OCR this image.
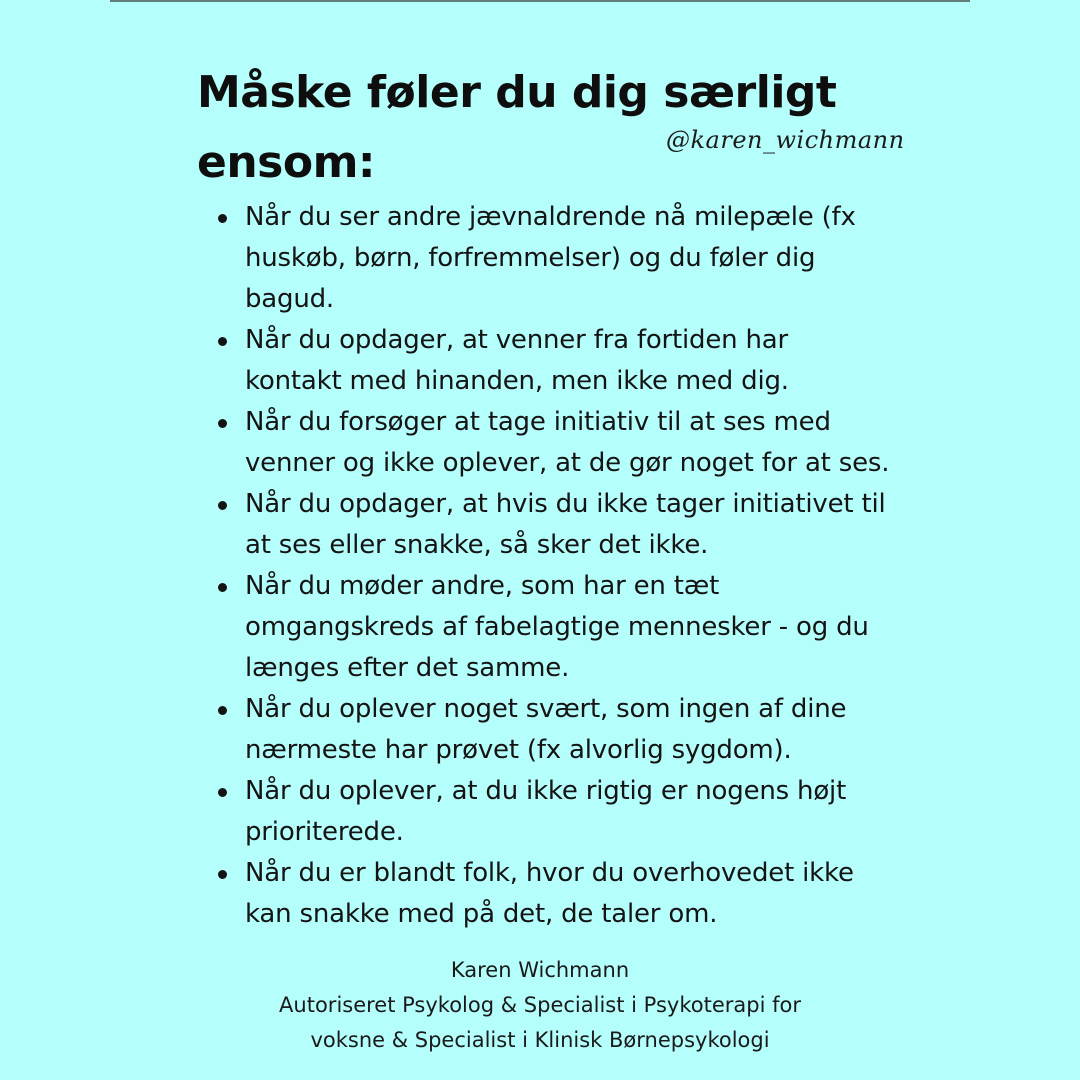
Måske føler du dig særligt
ensom:	@karen_wichmann
Når du ser andre jævnaldrende nå milepæle (fx
huskøb, børn, forfremmelser) og du føler dig
bagud.
Når du opdager, at venner fra fortiden har
kontakt med hinanden, men ikke med dig.
Når du forsøger at tage initiativ til at ses med
venner og ikke oplever, at de gør noget for at ses.
Når du opdager, at hvis du ikke tager initiativet til
at ses eller snakke, så sker det ikke.
Når du møder andre, som har en tæt
omgangskreds af fabelagtige mennesker - og du
længes efter det samme.
Når du oplever noget svært, som ingen af dine
nærmeste har prøvet (fx alvorlig sygdom).
Når du oplever, at du ikke rigtig er nogens højt
prioriterede.
Når du er blandt folk, hvor du overhovedet ikke
kan snakke med på det, de taler om.
Karen Wichmann
Autoriseret Psykolog & Specialist i Psykoterapi for
voksne & Specialist i Klinisk Børnepsykologi
